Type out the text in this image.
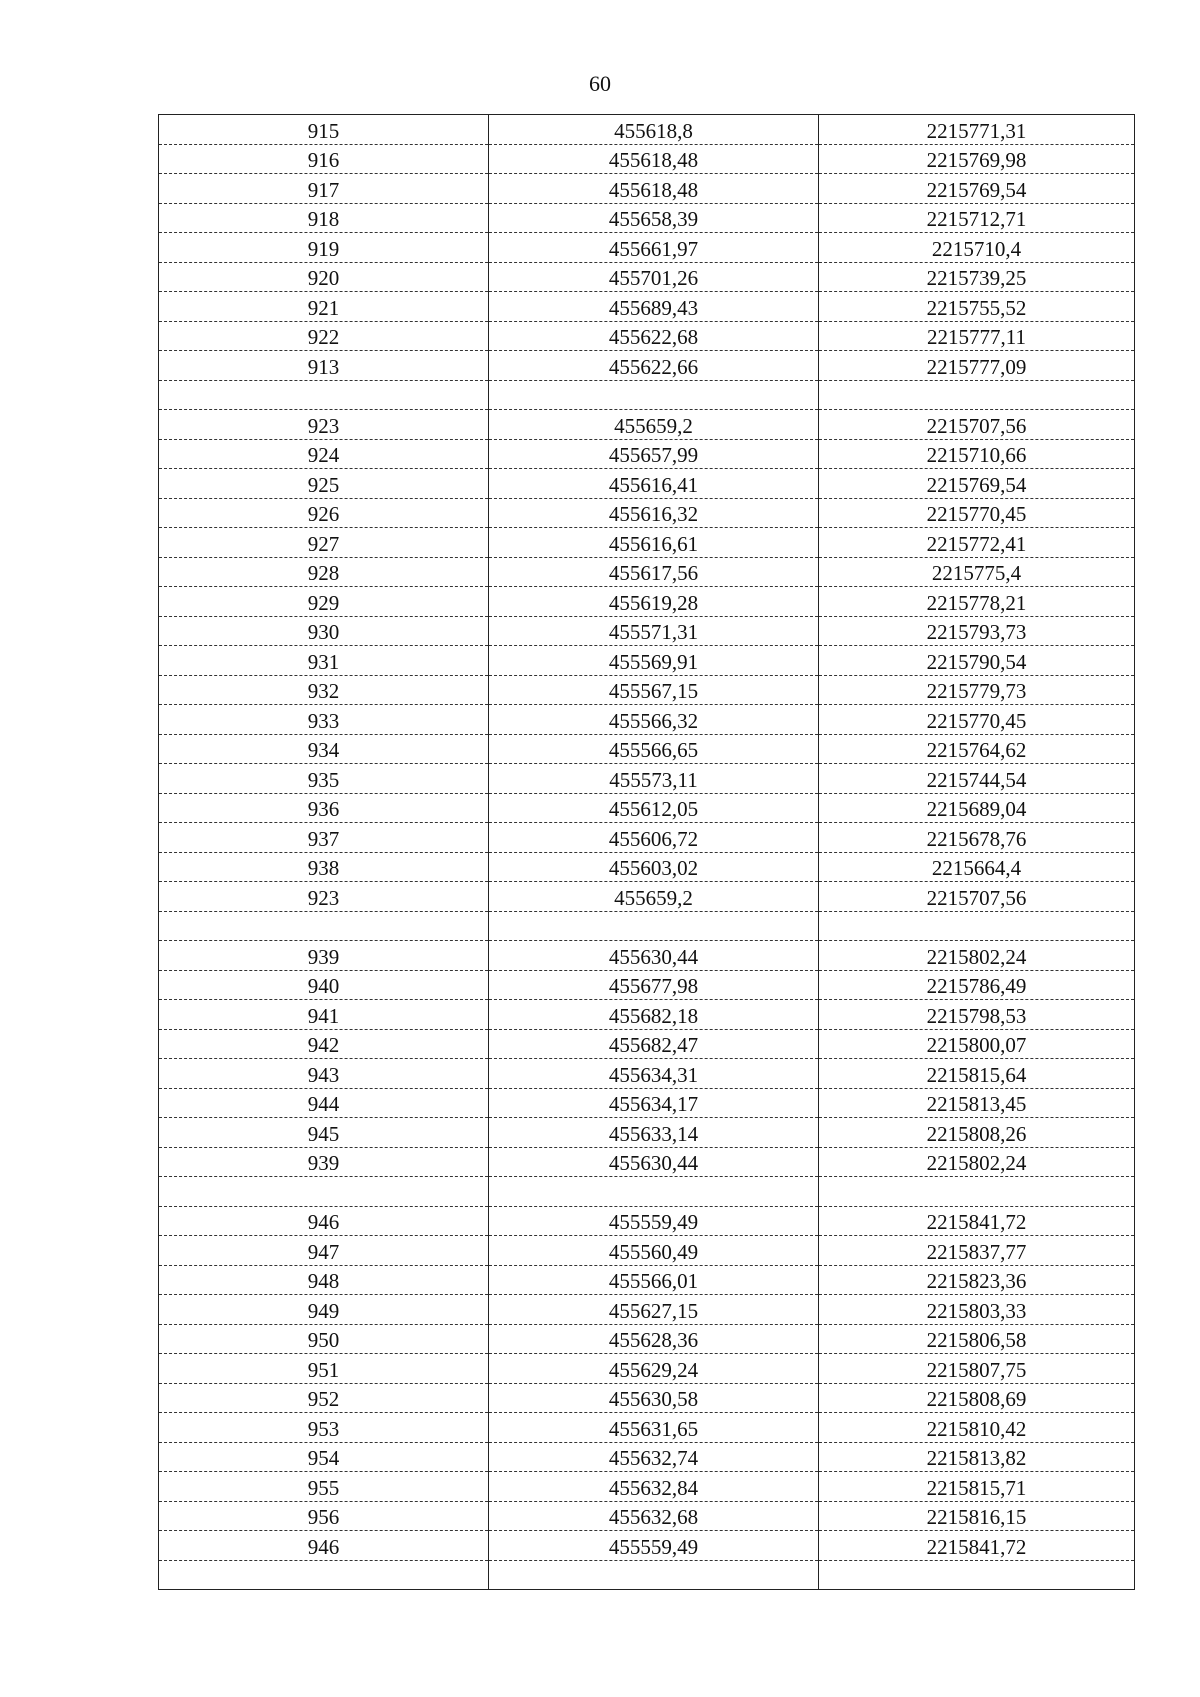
60
915	455618,8	2215771,31
916	455618,48	2215769,98
917	455618,48	2215769,54
918	455658,39	2215712,71
919	455661,97	2215710,4
920	455701,26	2215739,25
921	455689,43	2215755,52
922	455622,68	2215777,11
913	455622,66	2215777,09

923	455659,2	2215707,56
924	455657,99	2215710,66
925	455616,41	2215769,54
926	455616,32	2215770,45
927	455616,61	2215772,41
928	455617,56	2215775,4
929	455619,28	2215778,21
930	455571,31	2215793,73
931	455569,91	2215790,54
932	455567,15	2215779,73
933	455566,32	2215770,45
934	455566,65	2215764,62
935	455573,11	2215744,54
936	455612,05	2215689,04
937	455606,72	2215678,76
938	455603,02	2215664,4
923	455659,2	2215707,56

939	455630,44	2215802,24
940	455677,98	2215786,49
941	455682,18	2215798,53
942	455682,47	2215800,07
943	455634,31	2215815,64
944	455634,17	2215813,45
945	455633,14	2215808,26
939	455630,44	2215802,24

946	455559,49	2215841,72
947	455560,49	2215837,77
948	455566,01	2215823,36
949	455627,15	2215803,33
950	455628,36	2215806,58
951	455629,24	2215807,75
952	455630,58	2215808,69
953	455631,65	2215810,42
954	455632,74	2215813,82
955	455632,84	2215815,71
956	455632,68	2215816,15
946	455559,49	2215841,72
